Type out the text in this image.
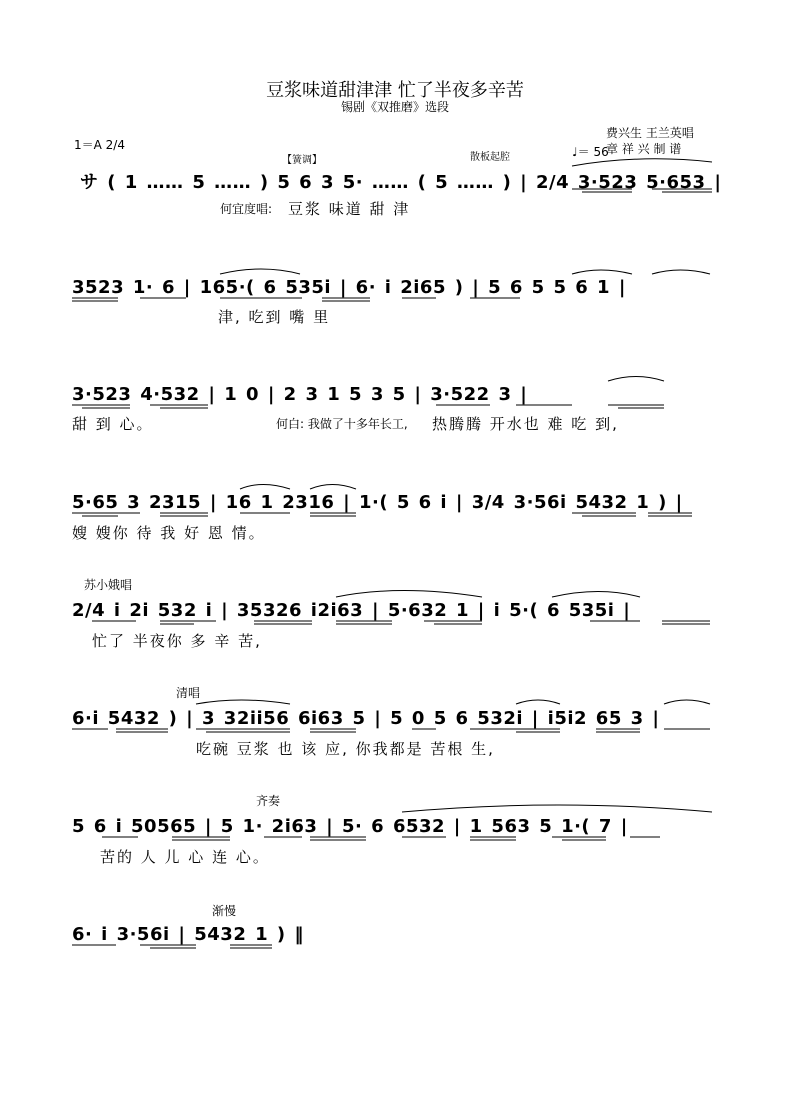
豆浆味道甜津津 忙了半夜多辛苦
锡剧《双推磨》选段
1＝A 2/4
费兴生 王兰英唱
章 祥 兴 制 谱
♩＝ 56
【簧调】	散板起腔
サ ( 1 …… 5 …… ) 5 6 3 5· …… ( 5 …… ) | 2/4 3·523 5·653 |
何宜度唱: 豆浆 味道 甜 津
3523 1· 6 | 165·( 6 535i | 6· i 2i65 ) | 5 6 5 5 6 1 |
津, 吃到 嘴 里
3·523 4·532 | 1 0 | 2 3 1 5 3 5 | 3·522 3 |
甜 到 心。	何白: 我做了十多年长工, 热腾腾 开水也 难 吃 到,
5·65 3 2315 | 16 1 2316 | 1·( 5 6 i | 3/4 3·56i 5432 1 ) |
嫂 嫂你 待 我 好 恩 情。
苏小娥唱
2/4 i 2i 532 i | 35326 i2i63 | 5·632 1 | i 5·( 6 535i |
忙了 半夜你 多 辛 苦,
清唱
6·i 5432 ) | 3 32ii56 6i63 5 | 5 0 5 6 532i | i5i2 65 3 |
吃碗 豆浆 也 该 应, 你我都是 苦根 生,
齐奏
5 6 i 50565 | 5 1· 2i63 | 5· 6 6532 | 1 563 5 1·( 7 |
苦的 人 儿 心 连 心。
渐慢
6· i 3·56i | 5432 1 ) ‖
